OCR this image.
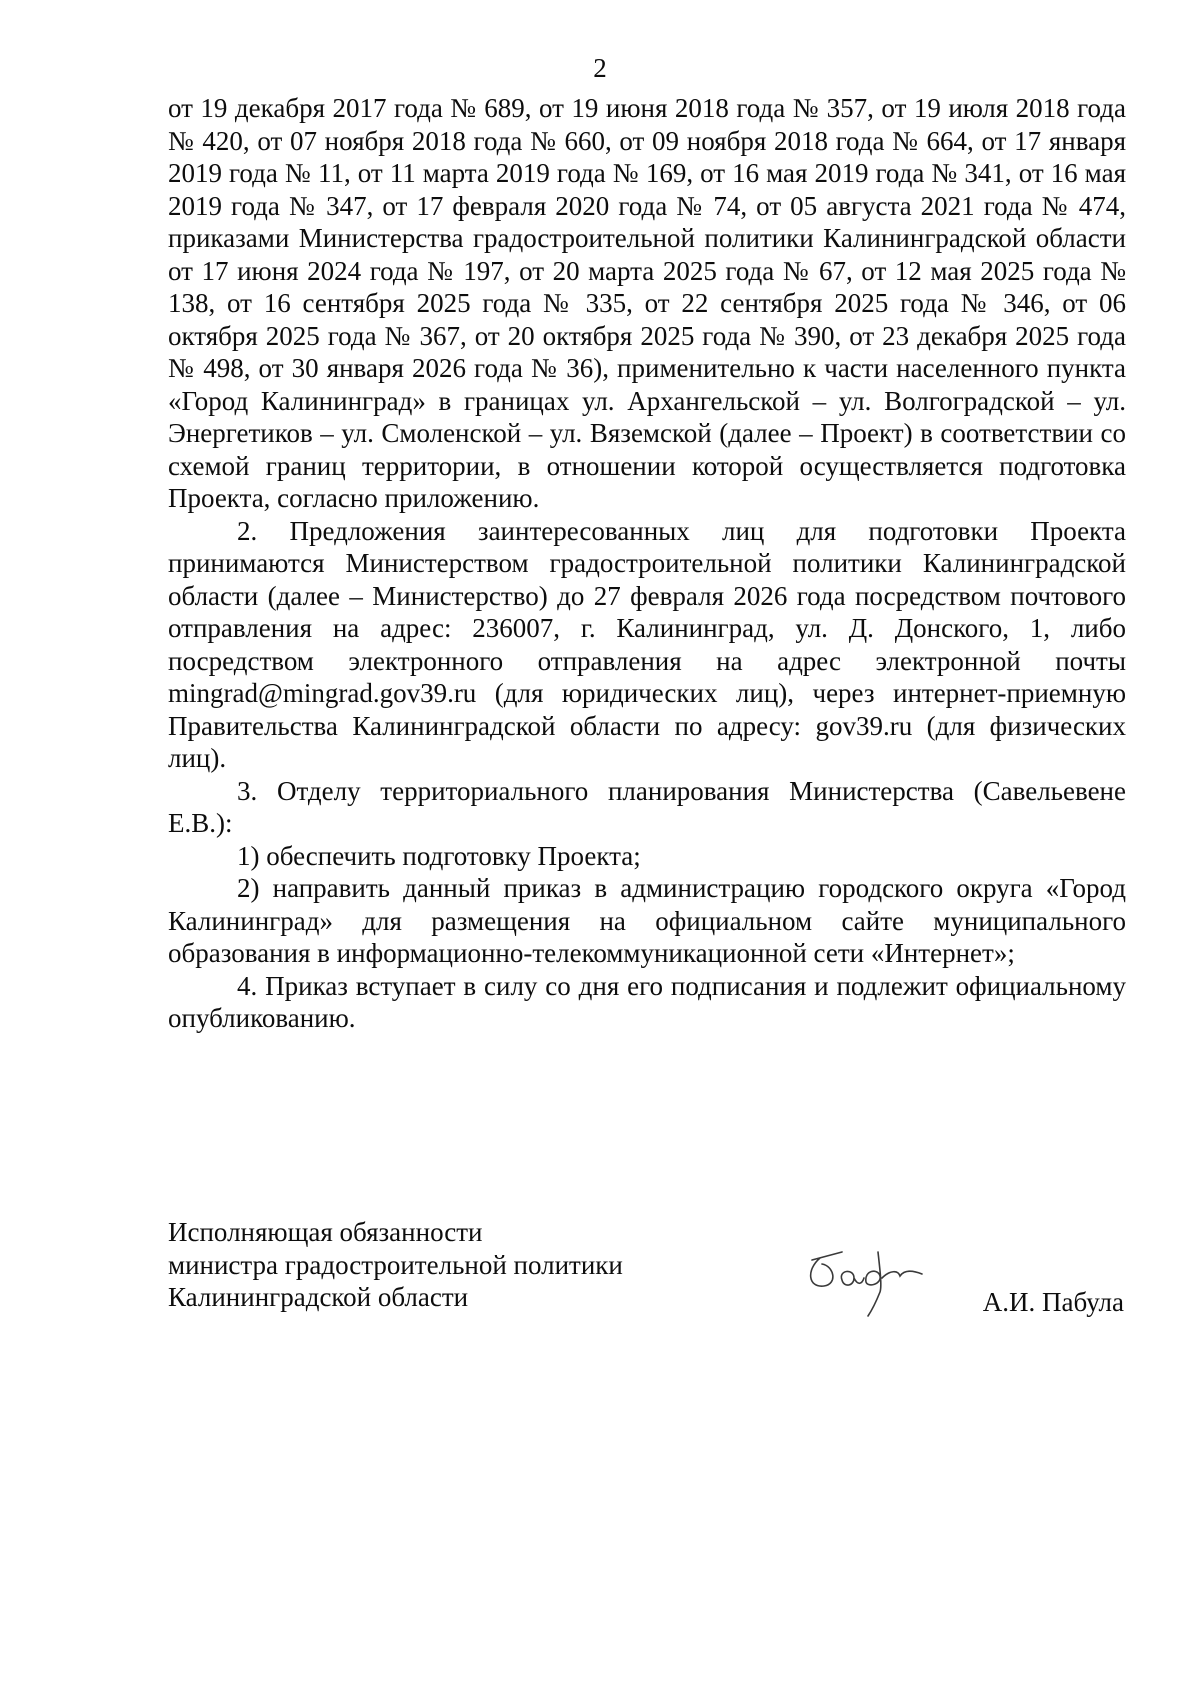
2

от 19 декабря 2017 года № 689, от 19 июня 2018 года № 357, от 19 июля 2018 года № 420, от 07 ноября 2018 года № 660, от 09 ноября 2018 года № 664, от 17 января 2019 года № 11, от 11 марта 2019 года № 169, от 16 мая 2019 года № 341, от 16 мая 2019 года № 347, от 17 февраля 2020 года № 74, от 05 августа 2021 года № 474, приказами Министерства градостроительной политики Калининградской области от 17 июня 2024 года № 197, от 20 марта 2025 года № 67, от 12 мая 2025 года № 138, от 16 сентября 2025 года № 335, от 22 сентября 2025 года № 346, от 06 октября 2025 года № 367, от 20 октября 2025 года № 390, от 23 декабря 2025 года № 498, от 30 января 2026 года № 36), применительно к части населенного пункта «Город Калининград» в границах ул. Архангельской – ул. Волгоградской – ул. Энергетиков – ул. Смоленской – ул. Вяземской (далее – Проект) в соответствии со схемой границ территории, в отношении которой осуществляется подготовка Проекта, согласно приложению.

2. Предложения заинтересованных лиц для подготовки Проекта принимаются Министерством градостроительной политики Калининградской области (далее – Министерство) до 27 февраля 2026 года посредством почтового отправления на адрес: 236007, г. Калининград, ул. Д. Донского, 1, либо посредством электронного отправления на адрес электронной почты mingrad@mingrad.gov39.ru (для юридических лиц), через интернет-приемную Правительства Калининградской области по адресу: gov39.ru (для физических лиц).

3. Отделу территориального планирования Министерства (Савельевене Е.В.):

1) обеспечить подготовку Проекта;

2) направить данный приказ в администрацию городского округа «Город Калининград» для размещения на официальном сайте муниципального образования в информационно-телекоммуникационной сети «Интернет»;

4. Приказ вступает в силу со дня его подписания и подлежит официальному опубликованию.

Исполняющая обязанности
министра градостроительной политики
Калининградской области	А.И. Пабула
